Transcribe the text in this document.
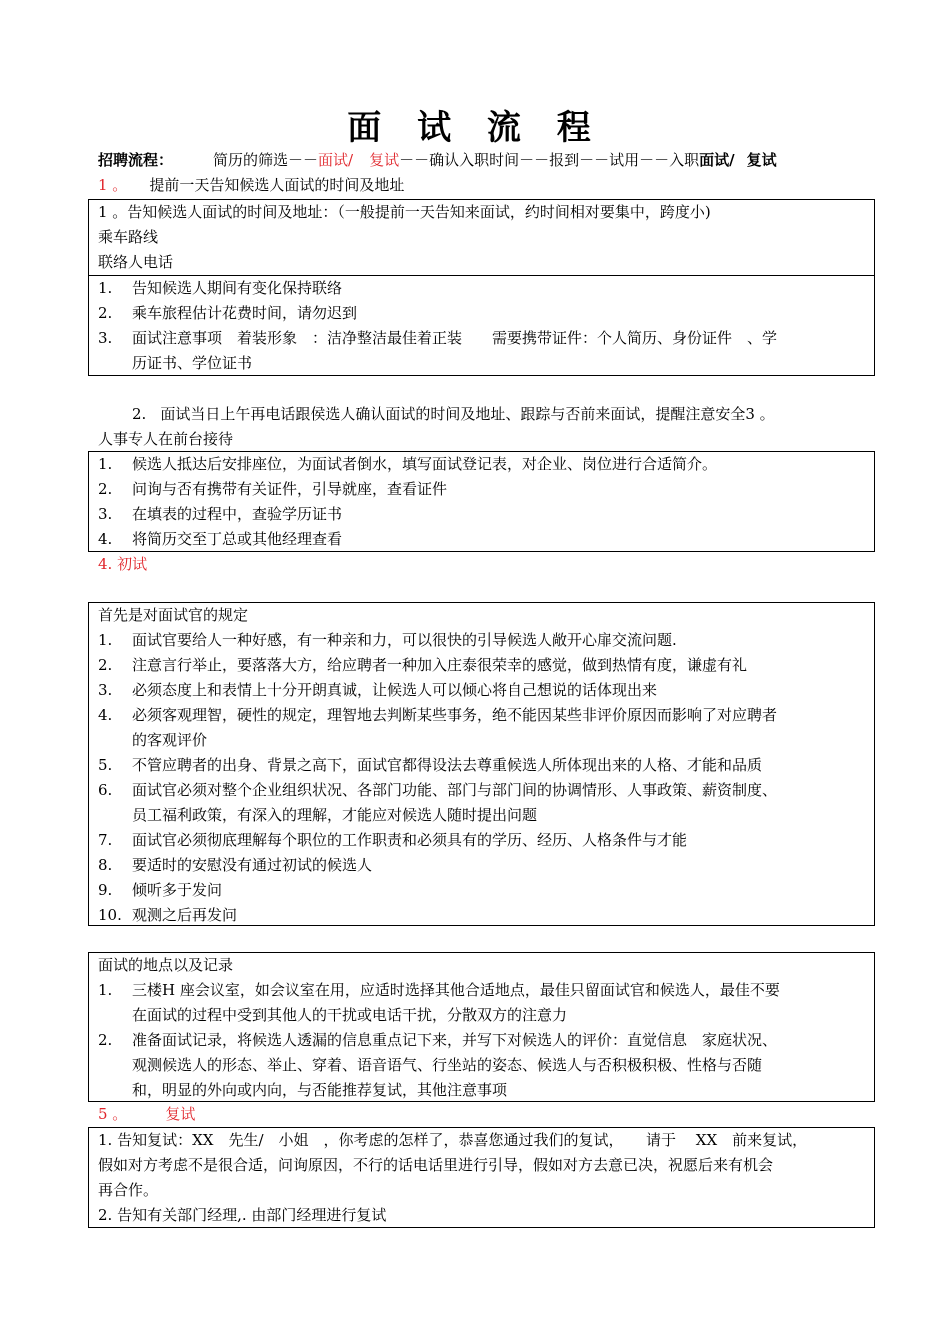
面 试 流 程
招聘流程：	简历的筛选－－面试/ 复试－－确认入职时间－－报到－－试用－－入职面试/ 复试
1 。 提前一天告知候选人面试的时间及地址
1 。告知候选人面试的时间及地址：（一般提前一天告知来面试，约时间相对要集中，跨度小)
乘车路线
联络人电话
1.	告知候选人期间有变化保持联络
2.	乘车旅程估计花费时间，请勿迟到
3.	面试注意事项　着装形象　：洁净整洁最佳着正装　　需要携带证件：个人简历、身份证件　、学
历证书、学位证书
2. 面试当日上午再电话跟侯选人确认面试的时间及地址、跟踪与否前来面试，提醒注意安全3 。
人事专人在前台接待
1.	候选人抵达后安排座位，为面试者倒水，填写面试登记表，对企业、岗位进行合适简介。
2.	问询与否有携带有关证件，引导就座，查看证件
3.	在填表的过程中，查验学历证书
4.	将简历交至丁总或其他经理查看
4. 初试
首先是对面试官的规定
1.	面试官要给人一种好感，有一种亲和力，可以很快的引导候选人敞开心扉交流问题.
2.	注意言行举止，要落落大方，给应聘者一种加入庄泰很荣幸的感觉，做到热情有度，谦虚有礼
3.	必须态度上和表情上十分开朗真诚，让候选人可以倾心将自己想说的话体现出来
4.	必须客观理智，硬性的规定，理智地去判断某些事务，绝不能因某些非评价原因而影响了对应聘者
的客观评价
5.	不管应聘者的出身、背景之高下，面试官都得设法去尊重候选人所体现出来的人格、才能和品质
6.	面试官必须对整个企业组织状况、各部门功能、部门与部门间的协调情形、人事政策、薪资制度、
员工福利政策，有深入的理解，才能应对候选人随时提出问题
7.	面试官必须彻底理解每个职位的工作职责和必须具有的学历、经历、人格条件与才能
8.	要适时的安慰没有通过初试的候选人
9.	倾听多于发问
10. 观测之后再发问
面试的地点以及记录
1.	三楼H 座会议室，如会议室在用，应适时选择其他合适地点，最佳只留面试官和候选人，最佳不要
在面试的过程中受到其他人的干扰或电话干扰，分散双方的注意力
2.	准备面试记录，将候选人透漏的信息重点记下来，并写下对候选人的评价：直觉信息　家庭状况、
观测候选人的形态、举止、穿着、语音语气、行坐站的姿态、候选人与否积极积极、性格与否随
和，明显的外向或内向，与否能推荐复试，其他注意事项
5 。	复试
1. 告知复试：XX　先生/　小姐　，你考虑的怎样了，恭喜您通过我们的复试，　　请于　 XX　前来复试，
假如对方考虑不是很合适，问询原因，不行的话电话里进行引导，假如对方去意已决，祝愿后来有机会
再合作。
2. 告知有关部门经理,. 由部门经理进行复试
